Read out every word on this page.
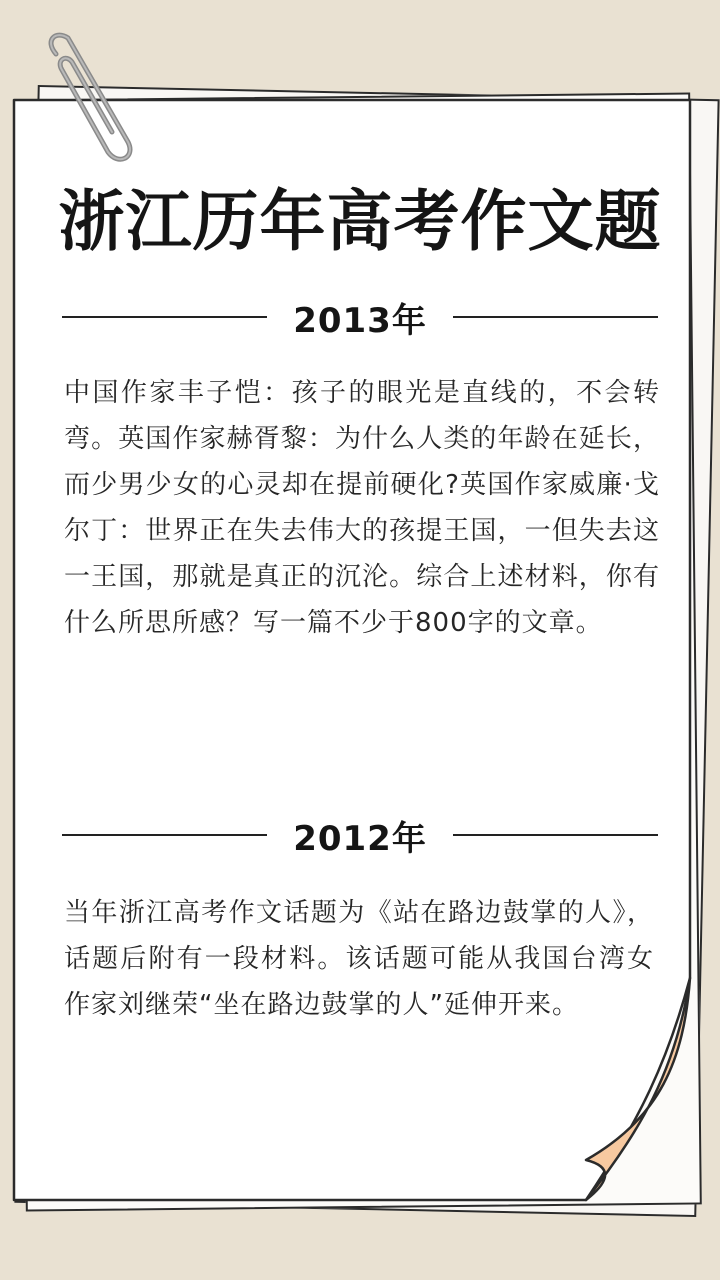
浙江历年高考作文题
2013年
中国作家丰子恺：孩子的眼光是直线的，不会转弯。英国作家赫胥黎：为什么人类的年龄在延长，而少男少女的心灵却在提前硬化?英国作家威廉·戈尔丁：世界正在失去伟大的孩提王国，一但失去这一王国，那就是真正的沉沦。综合上述材料，你有什么所思所感？写一篇不少于800字的文章。
2012年
当年浙江高考作文话题为《站在路边鼓掌的人》，话题后附有一段材料。该话题可能从我国台湾女作家刘继荣“坐在路边鼓掌的人”延伸开来。
